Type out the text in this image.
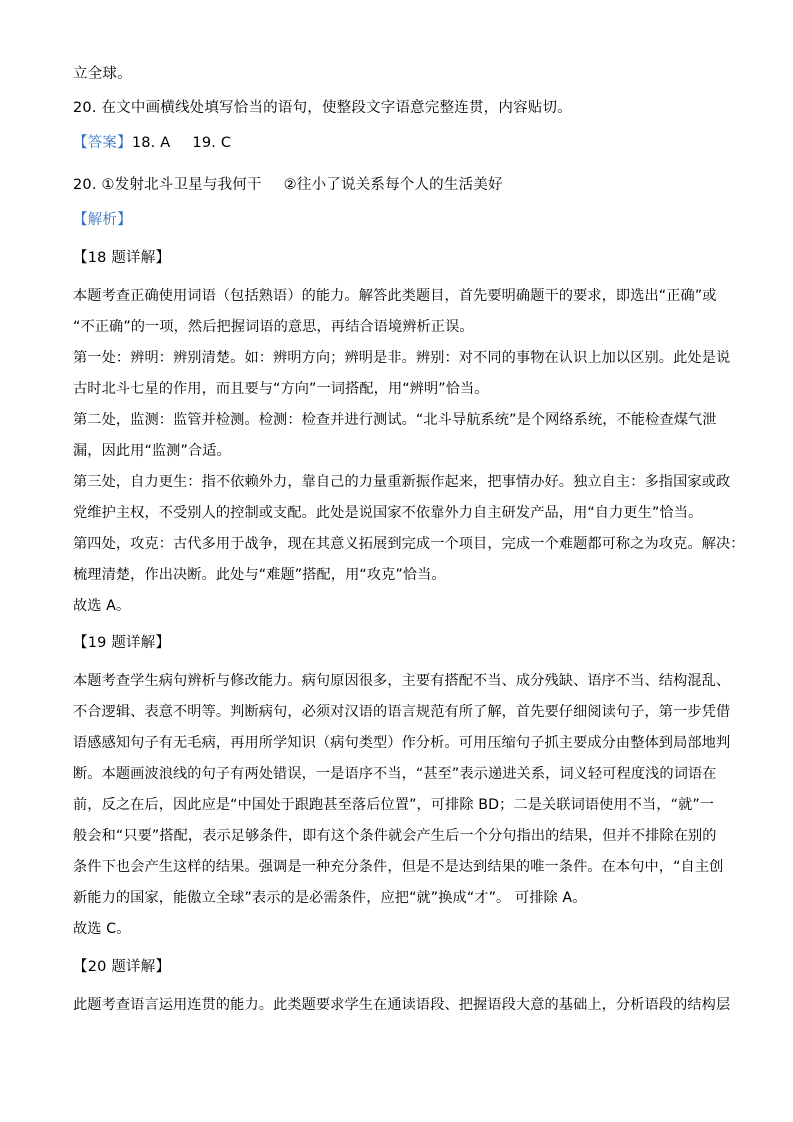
立全球。
20. 在文中画横线处填写恰当的语句，使整段文字语意完整连贯，内容贴切。
【答案】18. A 19. C
20. ①发射北斗卫星与我何干 ②往小了说关系每个人的生活美好
【解析】
【18 题详解】
本题考查正确使用词语（包括熟语）的能力。解答此类题目，首先要明确题干的要求，即选出“正确”或
“不正确”的一项，然后把握词语的意思，再结合语境辨析正误。
第一处：辨明：辨别清楚。如：辨明方向；辨明是非。辨别：对不同的事物在认识上加以区别。此处是说
古时北斗七星的作用，而且要与“方向”一词搭配，用“辨明”恰当。
第二处，监测：监管并检测。检测：检查并进行测试。“北斗导航系统”是个网络系统，不能检查煤气泄
漏，因此用“监测”合适。
第三处，自力更生：指不依赖外力，靠自己的力量重新振作起来，把事情办好。独立自主：多指国家或政
党维护主权，不受别人的控制或支配。此处是说国家不依靠外力自主研发产品，用“自力更生”恰当。
第四处，攻克：古代多用于战争，现在其意义拓展到完成一个项目，完成一个难题都可称之为攻克。解决：
梳理清楚，作出决断。此处与“难题”搭配，用“攻克”恰当。
故选 A。
【19 题详解】
本题考查学生病句辨析与修改能力。病句原因很多，主要有搭配不当、成分残缺、语序不当、结构混乱、
不合逻辑、表意不明等。判断病句，必须对汉语的语言规范有所了解，首先要仔细阅读句子，第一步凭借
语感感知句子有无毛病，再用所学知识（病句类型）作分析。可用压缩句子抓主要成分由整体到局部地判
断。本题画波浪线的句子有两处错误，一是语序不当，“甚至”表示递进关系，词义轻可程度浅的词语在
前，反之在后，因此应是“中国处于跟跑甚至落后位置”，可排除 BD；二是关联词语使用不当，“就”一
般会和“只要”搭配，表示足够条件，即有这个条件就会产生后一个分句指出的结果，但并不排除在别的
条件下也会产生这样的结果。强调是一种充分条件，但是不是达到结果的唯一条件。在本句中，“自主创
新能力的国家，能傲立全球”表示的是必需条件，应把“就”换成“才”。 可排除 A。
故选 C。
【20 题详解】
此题考查语言运用连贯的能力。此类题要求学生在通读语段、把握语段大意的基础上，分析语段的结构层
